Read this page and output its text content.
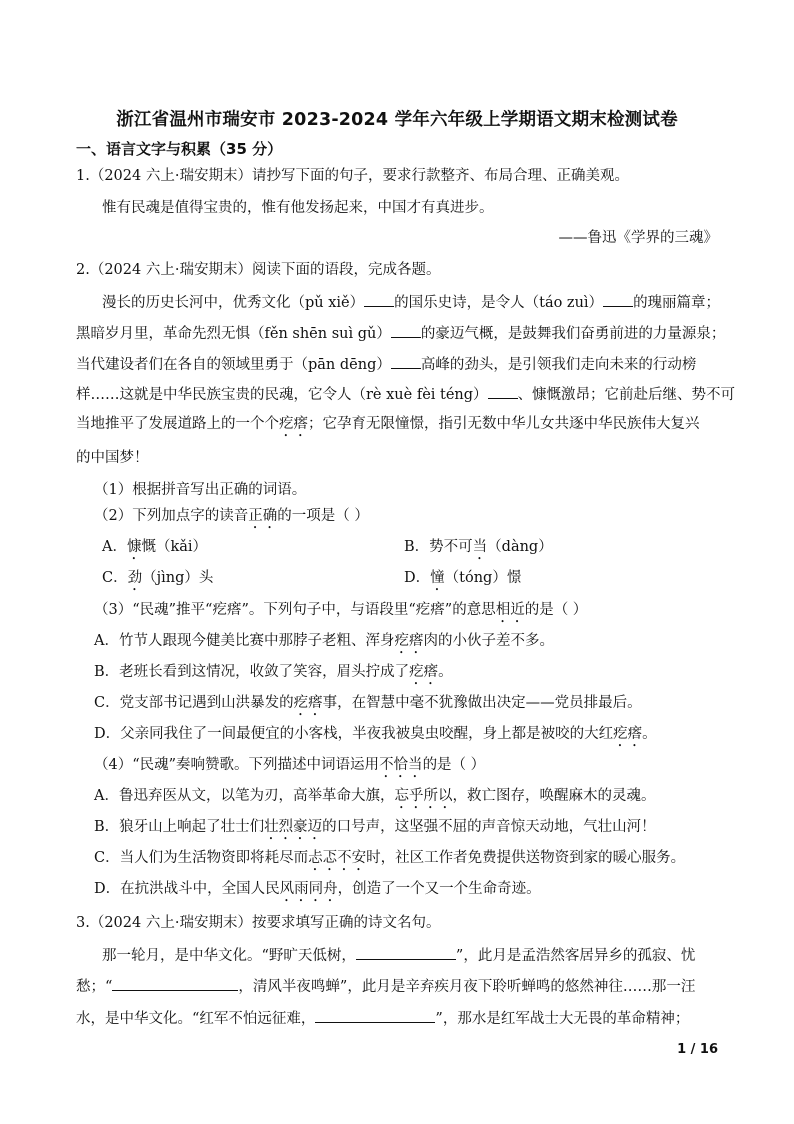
浙江省温州市瑞安市 2023-2024 学年六年级上学期语文期末检测试卷
一、语言文字与积累（35 分）
1.（2024 六上·瑞安期末）请抄写下面的句子，要求行款整齐、布局合理、正确美观。
惟有民魂是值得宝贵的，惟有他发扬起来，中国才有真进步。
——鲁迅《学界的三魂》
2.（2024 六上·瑞安期末）阅读下面的语段，完成各题。
漫长的历史长河中，优秀文化（pǔ xiě） 的国乐史诗，是令人（táo zuì） 的瑰丽篇章；
黑暗岁月里，革命先烈无惧（fěn shēn suì gǔ） 的豪迈气概，是鼓舞我们奋勇前进的力量源泉；
当代建设者们在各自的领域里勇于（pān dēng） 高峰的劲头，是引领我们走向未来的行动榜
样……这就是中华民族宝贵的民魂，它令人（rè xuè fèi téng） 、慷慨激昂；它前赴后继、势不可
当地推平了发展道路上的一个个疙瘩；它孕育无限憧憬，指引无数中华儿女共逐中华民族伟大复兴
的中国梦！
（1）根据拼音写出正确的词语。
（2）下列加点字的读音正确的一项是（ ）
A．慷慨（kǎi）	B．势不可当（dàng）
C．劲（jìng）头	D．憧（tóng）憬
（3）“民魂”推平“疙瘩”。下列句子中，与语段里“疙瘩”的意思相近的是（ ）
A．竹节人跟现今健美比赛中那脖子老粗、浑身疙瘩肉的小伙子差不多。
B．老班长看到这情况，收敛了笑容，眉头拧成了疙瘩。
C．党支部书记遇到山洪暴发的疙瘩事，在智慧中毫不犹豫做出决定——党员排最后。
D．父亲同我住了一间最便宜的小客栈，半夜我被臭虫咬醒，身上都是被咬的大红疙瘩。
（4）“民魂”奏响赞歌。下列描述中词语运用不恰当的是（ ）
A．鲁迅弃医从文，以笔为刃，高举革命大旗，忘乎所以，救亡图存，唤醒麻木的灵魂。
B．狼牙山上响起了壮士们壮烈豪迈的口号声，这坚强不屈的声音惊天动地，气壮山河！
C．当人们为生活物资即将耗尽而忐忑不安时，社区工作者免费提供送物资到家的暖心服务。
D．在抗洪战斗中，全国人民风雨同舟，创造了一个又一个生命奇迹。
3.（2024 六上·瑞安期末）按要求填写正确的诗文名句。
那一轮月，是中华文化。“野旷天低树，	”，此月是孟浩然客居异乡的孤寂、忧
愁；“	，清风半夜鸣蝉”，此月是辛弃疾月夜下聆听蝉鸣的悠然神往……那一汪
水，是中华文化。“红军不怕远征难，	”，那水是红军战士大无畏的革命精神；
1 / 16
